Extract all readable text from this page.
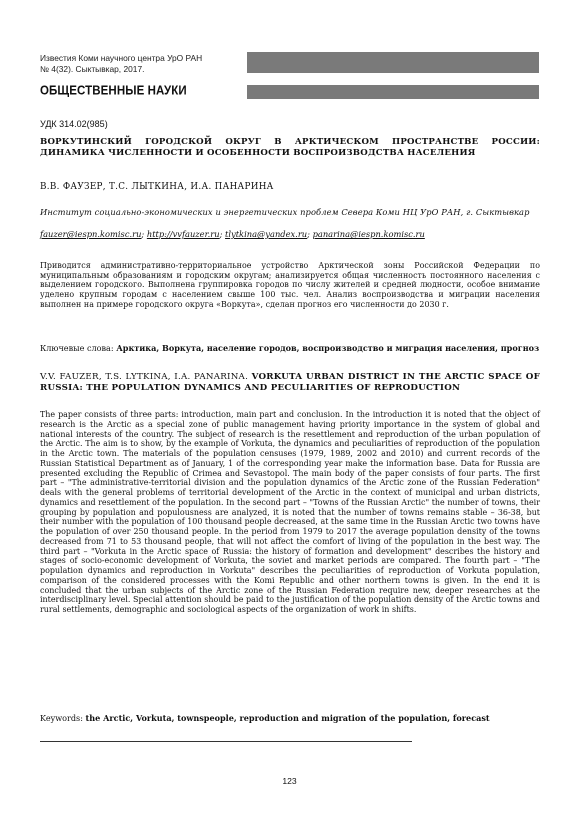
Известия Коми научного центра УрО РАН
№ 4(32). Сыктывкар, 2017.
ОБЩЕСТВЕННЫЕ НАУКИ
УДК 314.02(985)
ВОРКУТИНСКИЙ ГОРОДСКОЙ ОКРУГ В АРКТИЧЕСКОМ ПРОСТРАНСТВЕ РОССИИ: ДИНАМИКА ЧИСЛЕННОСТИ И ОСОБЕННОСТИ ВОСПРОИЗВОДСТВА НАСЕЛЕНИЯ
В.В. ФАУЗЕР, Т.С. ЛЫТКИНА, И.А. ПАНАРИНА
Институт социально-экономических и энергетических проблем Севера Коми НЦ УрО РАН, г. Сыктывкар
fauzer@iespn.komisc.ru; http://vvfauzer.ru; tlytkina@yandex.ru; panarina@iespn.komisc.ru
Приводится административно-территориальное устройство Арктической зоны Российской Федерации по муниципальным образованиям и городским округам; анализируется общая численность постоянного населения с выделением городского. Выполнена группировка городов по числу жителей и средней людности, особое внимание уделено крупным городам с населением свыше 100 тыс. чел. Анализ воспроизводства и миграции населения выполнен на примере городского округа «Воркута», сделан прогноз его численности до 2030 г.
Ключевые слова: Арктика, Воркута, население городов, воспроизводство и миграция населения, прогноз
V.V. FAUZER, T.S. LYTKINA, I.A. PANARINA. VORKUTA URBAN DISTRICT IN THE ARCTIC SPACE OF RUSSIA: THE POPULATION DYNAMICS AND PECULIARITIES OF REPRODUCTION
The paper consists of three parts: introduction, main part and conclusion. In the introduction it is noted that the object of research is the Arctic as a special zone of public management having priority importance in the system of global and national interests of the country. The subject of research is the resettlement and reproduction of the urban population of the Arctic. The aim is to show, by the example of Vorkuta, the dynamics and peculiarities of reproduction of the population in the Arctic town. The materials of the population censuses (1979, 1989, 2002 and 2010) and current records of the Russian Statistical Department as of January, 1 of the corresponding year make the information base. Data for Russia are presented excluding the Republic of Crimea and Sevastopol. The main body of the paper consists of four parts. The first part – "The administrative-territorial division and the population dynamics of the Arctic zone of the Russian Federation" deals with the general problems of territorial development of the Arctic in the context of municipal and urban districts, dynamics and resettlement of the population. In the second part – "Towns of the Russian Arctic" the number of towns, their grouping by population and populousness are analyzed, it is noted that the number of towns remains stable – 36-38, but their number with the population of 100 thousand people decreased, at the same time in the Russian Arctic two towns have the population of over 250 thousand people. In the period from 1979 to 2017 the average population density of the towns decreased from 71 to 53 thousand people, that will not affect the comfort of living of the population in the best way. The third part – "Vorkuta in the Arctic space of Russia: the history of formation and development" describes the history and stages of socio-economic development of Vorkuta, the soviet and market periods are compared. The fourth part – "The population dynamics and reproduction in Vorkuta" describes the peculiarities of reproduction of Vorkuta population, comparison of the considered processes with the Komi Republic and other northern towns is given. In the end it is concluded that the urban subjects of the Arctic zone of the Russian Federation require new, deeper researches at the interdisciplinary level. Special attention should be paid to the justification of the population density of the Arctic towns and rural settlements, demographic and sociological aspects of the organization of work in shifts.
Keywords: the Arctic, Vorkuta, townspeople, reproduction and migration of the population, forecast
123
